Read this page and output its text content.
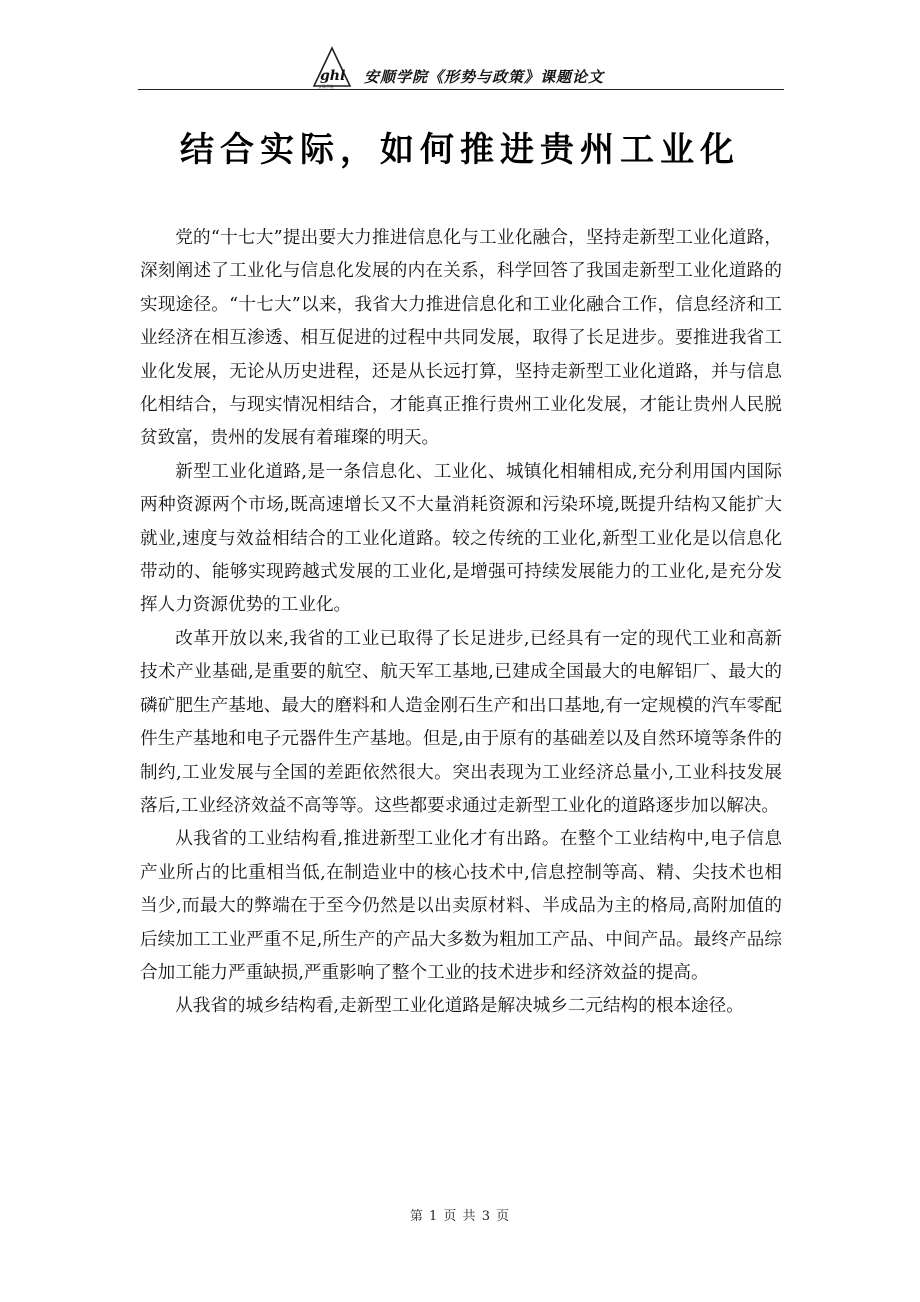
ghl
安顺学院
安顺学院《形势与政策》课题论文
结合实际，如何推进贵州工业化

党的“十七大”提出要大力推进信息化与工业化融合，坚持走新型工业化道路，深刻阐述了工业化与信息化发展的内在关系，科学回答了我国走新型工业化道路的实现途径。“十七大”以来，我省大力推进信息化和工业化融合工作，信息经济和工业经济在相互渗透、相互促进的过程中共同发展，取得了长足进步。要推进我省工业化发展，无论从历史进程，还是从长远打算，坚持走新型工业化道路，并与信息化相结合，与现实情况相结合，才能真正推行贵州工业化发展，才能让贵州人民脱贫致富，贵州的发展有着璀璨的明天。

新型工业化道路,是一条信息化、工业化、城镇化相辅相成,充分利用国内国际两种资源两个市场,既高速增长又不大量消耗资源和污染环境,既提升结构又能扩大就业,速度与效益相结合的工业化道路。较之传统的工业化,新型工业化是以信息化带动的、能够实现跨越式发展的工业化,是增强可持续发展能力的工业化,是充分发挥人力资源优势的工业化。

改革开放以来,我省的工业已取得了长足进步,已经具有一定的现代工业和高新技术产业基础,是重要的航空、航天军工基地,已建成全国最大的电解铝厂、最大的磷矿肥生产基地、最大的磨料和人造金刚石生产和出口基地,有一定规模的汽车零配件生产基地和电子元器件生产基地。但是,由于原有的基础差以及自然环境等条件的制约,工业发展与全国的差距依然很大。突出表现为工业经济总量小,工业科技发展落后,工业经济效益不高等等。这些都要求通过走新型工业化的道路逐步加以解决。

从我省的工业结构看,推进新型工业化才有出路。在整个工业结构中,电子信息产业所占的比重相当低,在制造业中的核心技术中,信息控制等高、精、尖技术也相当少,而最大的弊端在于至今仍然是以出卖原材料、半成品为主的格局,高附加值的后续加工工业严重不足,所生产的产品大多数为粗加工产品、中间产品。最终产品综合加工能力严重缺损,严重影响了整个工业的技术进步和经济效益的提高。

从我省的城乡结构看,走新型工业化道路是解决城乡二元结构的根本途径。

第 1 页 共 3 页
